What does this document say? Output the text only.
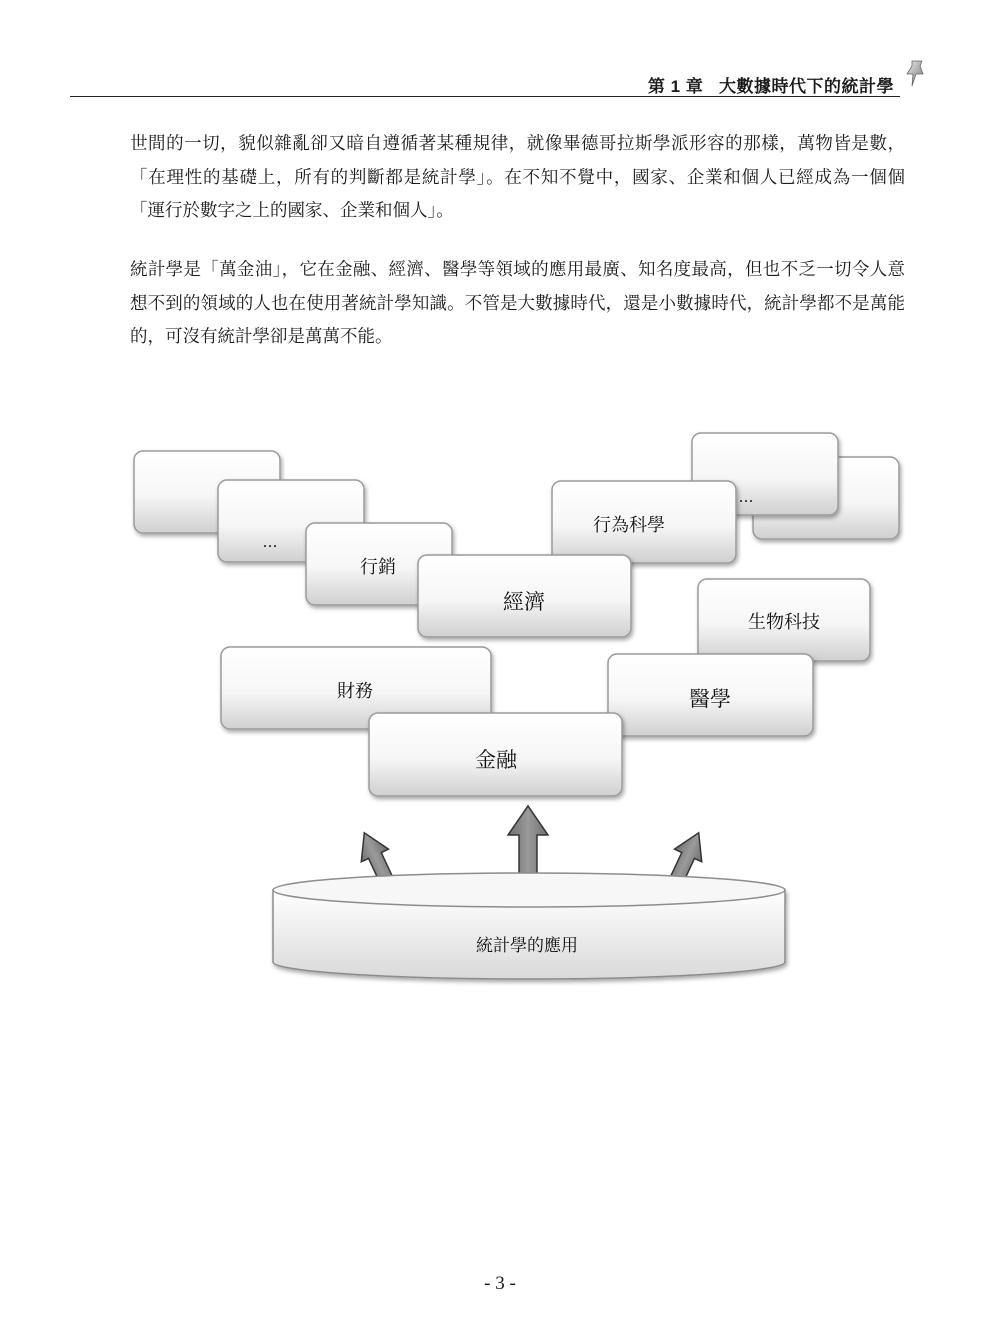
第 1 章 大數據時代下的統計學

世間的一切，貌似雜亂卻又暗自遵循著某種規律，就像畢德哥拉斯學派形容的那樣，萬物皆是數，「在理性的基礎上，所有的判斷都是統計學」。在不知不覺中，國家、企業和個人已經成為一個個「運行於數字之上的國家、企業和個人」。

統計學是「萬金油」，它在金融、經濟、醫學等領域的應用最廣、知名度最高，但也不乏一切令人意想不到的領域的人也在使用著統計學知識。不管是大數據時代，還是小數據時代，統計學都不是萬能的，可沒有統計學卻是萬萬不能。

…
…
行為科學
行銷
經濟
生物科技
財務	醫學
金融
統計學的應用
- 3 -
